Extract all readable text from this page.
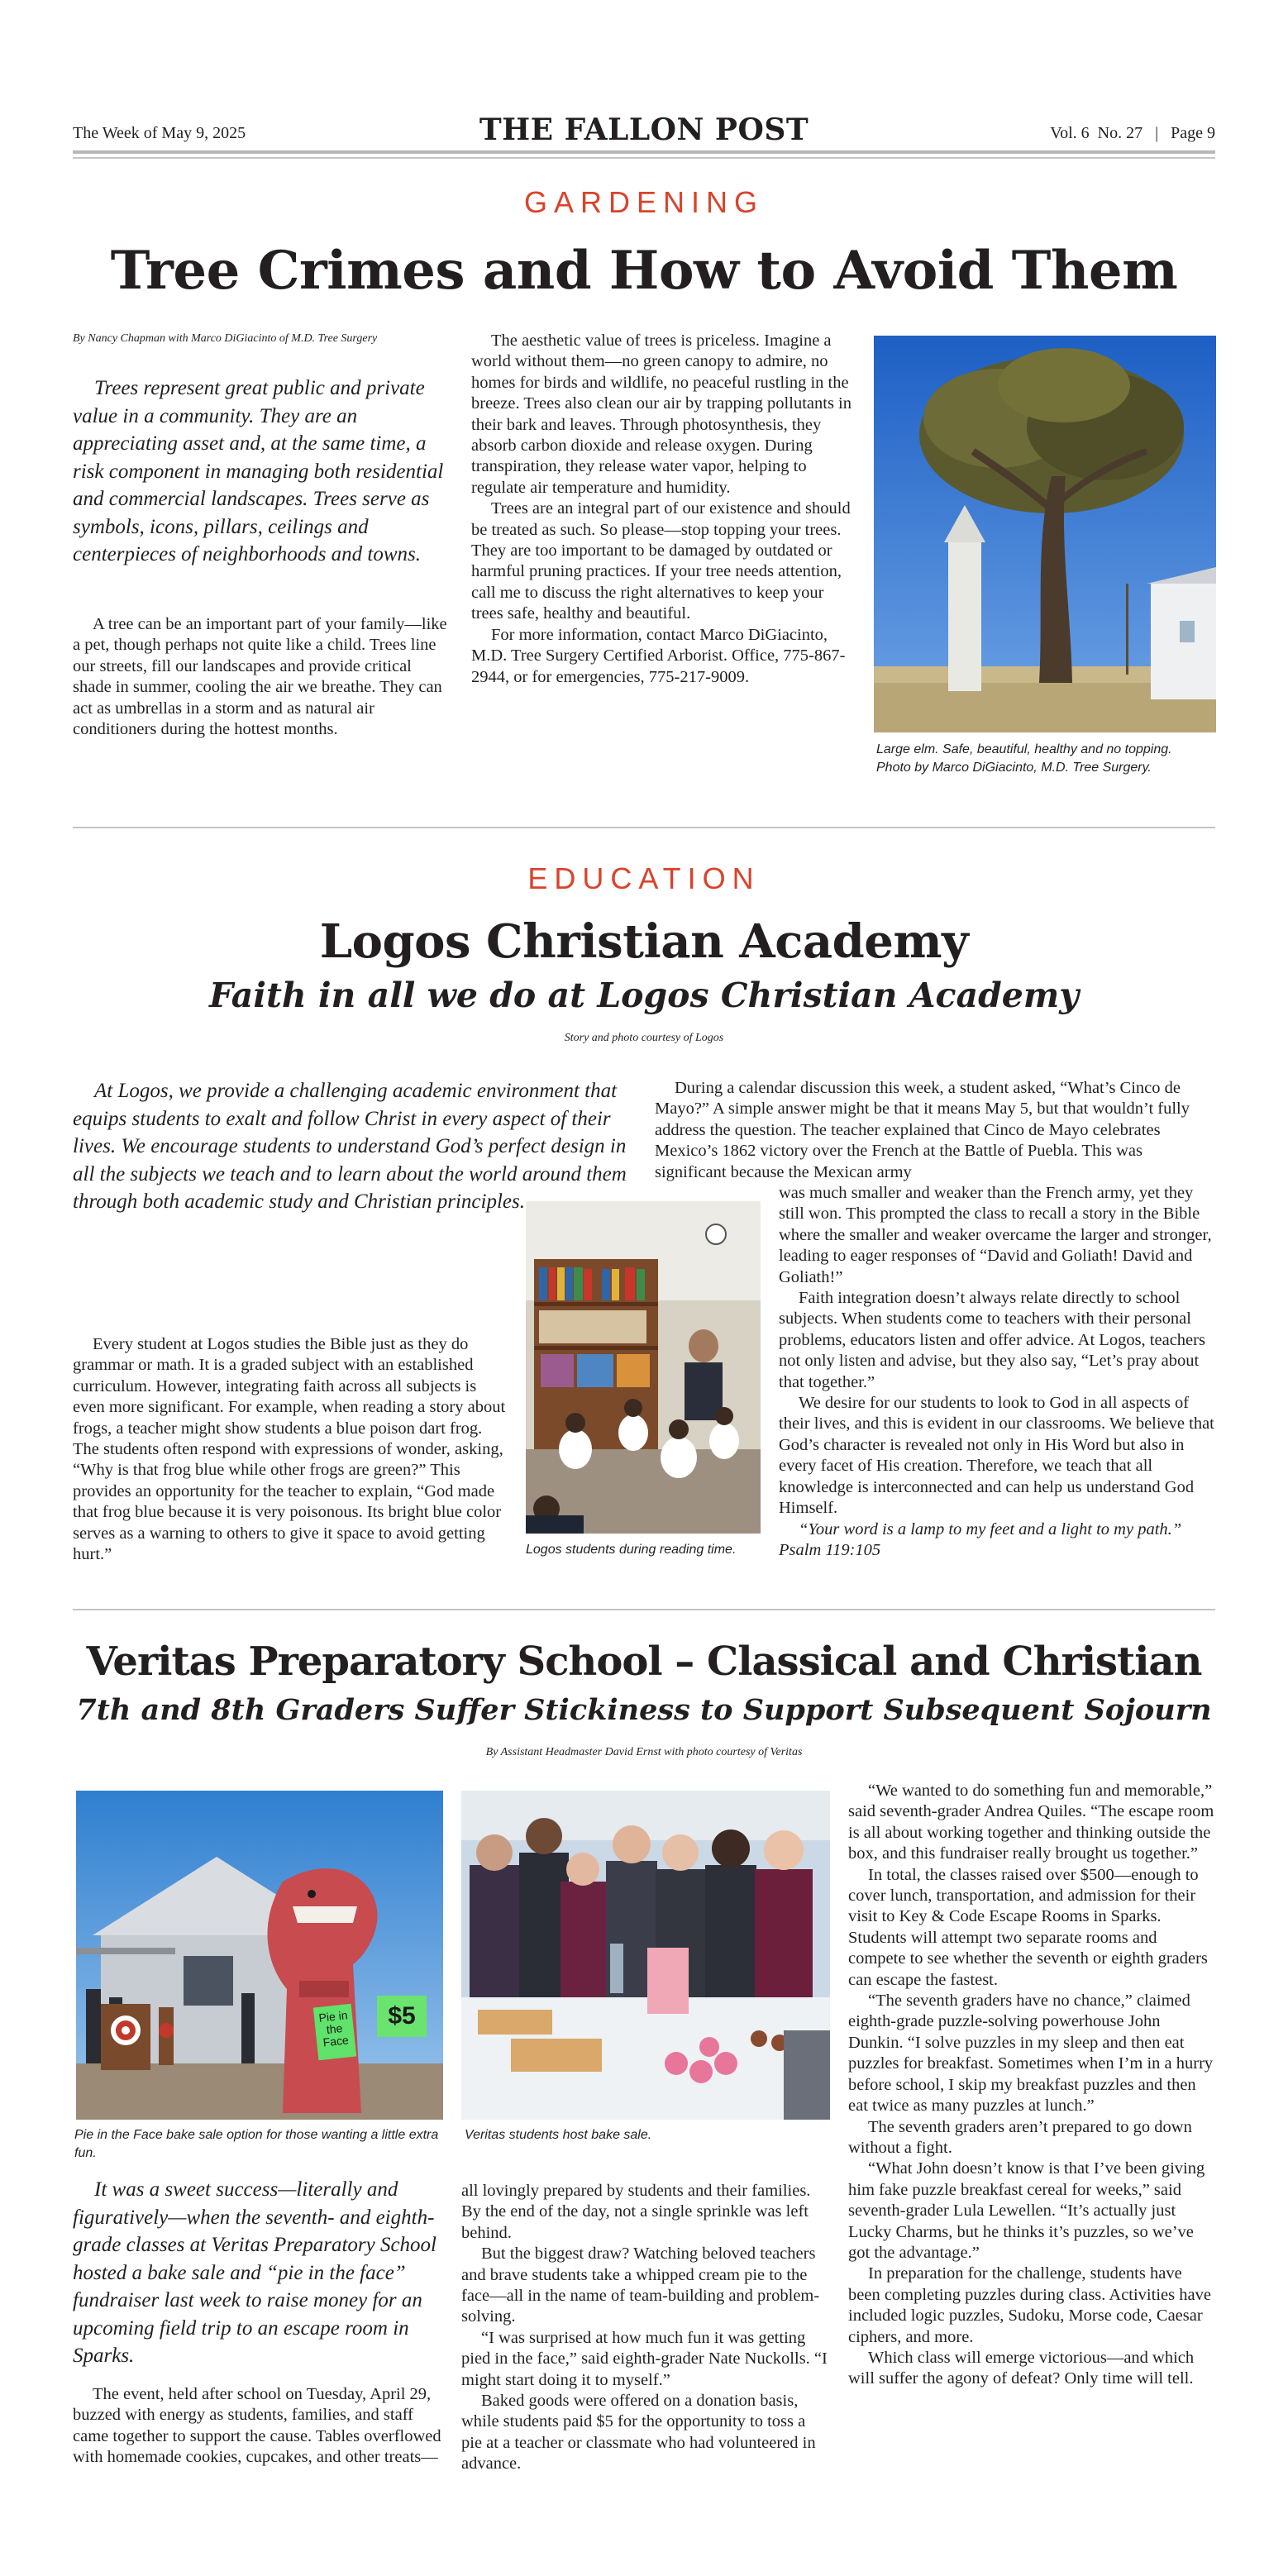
The Week of May 9, 2025	THE FALLON POST	Vol. 6  No. 27   |   Page 9
GARDENING
Tree Crimes and How to Avoid Them
By Nancy Chapman with Marco DiGiacinto of M.D. Tree Surgery
Trees represent great public and private value in a community. They are an appreciating asset and, at the same time, a risk component in managing both residential and commercial landscapes. Trees serve as symbols, icons, pillars, ceilings and centerpieces of neighborhoods and towns.

A tree can be an important part of your family—like a pet, though perhaps not quite like a child. Trees line our streets, fill our landscapes and provide critical shade in summer, cooling the air we breathe. They can act as umbrellas in a storm and as natural air conditioners during the hottest months.

The aesthetic value of trees is priceless. Imagine a world without them—no green canopy to admire, no homes for birds and wildlife, no peaceful rustling in the breeze. Trees also clean our air by trapping pollutants in their bark and leaves. Through photosynthesis, they absorb carbon dioxide and release oxygen. During transpiration, they release water vapor, helping to regulate air temperature and humidity.

Trees are an integral part of our existence and should be treated as such. So please—stop topping your trees. They are too important to be damaged by outdated or harmful pruning practices. If your tree needs attention, call me to discuss the right alternatives to keep your trees safe, healthy and beautiful.

For more information, contact Marco DiGiacinto, M.D. Tree Surgery Certified Arborist. Office, 775-867-2944, or for emergencies, 775-217-9009.

Large elm. Safe, beautiful, healthy and no topping.
Photo by Marco DiGiacinto, M.D. Tree Surgery.
EDUCATION
Logos Christian Academy
Faith in all we do at Logos Christian Academy
Story and photo courtesy of Logos
At Logos, we provide a challenging academic environment that equips students to exalt and follow Christ in every aspect of their lives. We encourage students to understand God’s perfect design in all the subjects we teach and to learn about the world around them through both academic study and Christian principles.
Logos students during reading time.

Every student at Logos studies the Bible just as they do grammar or math. It is a graded subject with an established curriculum. However, integrating faith across all subjects is even more significant. For example, when reading a story about frogs, a teacher might show students a blue poison dart frog. The students often respond with expressions of wonder, asking, “Why is that frog blue while other frogs are green?” This provides an opportunity for the teacher to explain, “God made that frog blue because it is very poisonous. Its bright blue color serves as a warning to others to give it space to avoid getting hurt.”

During a calendar discussion this week, a student asked, “What’s Cinco de Mayo?” A simple answer might be that it means May 5, but that wouldn’t fully address the question. The teacher explained that Cinco de Mayo celebrates Mexico’s 1862 victory over the French at the Battle of Puebla. This was significant because the Mexican army

was much smaller and weaker than the French army, yet they still won. This prompted the class to recall a story in the Bible where the smaller and weaker overcame the larger and stronger, leading to eager responses of “David and Goliath! David and Goliath!”

Faith integration doesn’t always relate directly to school subjects. When students come to teachers with their personal problems, educators listen and offer advice. At Logos, teachers not only listen and advise, but they also say, “Let’s pray about that together.”

We desire for our students to look to God in all aspects of their lives, and this is evident in our classrooms. We believe that God’s character is revealed not only in His Word but also in every facet of His creation. Therefore, we teach that all knowledge is interconnected and can help us understand God Himself.

“Your word is a lamp to my feet and a light to my path.” Psalm 119:105

Veritas Preparatory School – Classical and Christian
7th and 8th Graders Suffer Stickiness to Support Subsequent Sojourn
By Assistant Headmaster David Ernst with photo courtesy of Veritas
Pie in the Face
$5
Pie in the Face bake sale option for those wanting a little extra fun.
Veritas students host bake sale.
It was a sweet success—literally and figuratively—when the seventh- and eighth-grade classes at Veritas Preparatory School hosted a bake sale and “pie in the face” fundraiser last week to raise money for an upcoming field trip to an escape room in Sparks.

The event, held after school on Tuesday, April 29, buzzed with energy as students, families, and staff came together to support the cause. Tables overflowed with homemade cookies, cupcakes, and other treats—

all lovingly prepared by students and their families. By the end of the day, not a single sprinkle was left behind.

But the biggest draw? Watching beloved teachers and brave students take a whipped cream pie to the face—all in the name of team-building and problem-solving.

“I was surprised at how much fun it was getting pied in the face,” said eighth-grader Nate Nuckolls. “I might start doing it to myself.”

Baked goods were offered on a donation basis, while students paid $5 for the opportunity to toss a pie at a teacher or classmate who had volunteered in advance.

“We wanted to do something fun and memorable,” said seventh-grader Andrea Quiles. “The escape room is all about working together and thinking outside the box, and this fundraiser really brought us together.”

In total, the classes raised over $500—enough to cover lunch, transportation, and admission for their visit to Key & Code Escape Rooms in Sparks. Students will attempt two separate rooms and compete to see whether the seventh or eighth graders can escape the fastest.

“The seventh graders have no chance,” claimed eighth-grade puzzle-solving powerhouse John Dunkin. “I solve puzzles in my sleep and then eat puzzles for breakfast. Sometimes when I’m in a hurry before school, I skip my breakfast puzzles and then eat twice as many puzzles at lunch.”

The seventh graders aren’t prepared to go down without a fight.

“What John doesn’t know is that I’ve been giving him fake puzzle breakfast cereal for weeks,” said seventh-grader Lula Lewellen. “It’s actually just Lucky Charms, but he thinks it’s puzzles, so we’ve got the advantage.”

In preparation for the challenge, students have been completing puzzles during class. Activities have included logic puzzles, Sudoku, Morse code, Caesar ciphers, and more.

Which class will emerge victorious—and which will suffer the agony of defeat? Only time will tell.
